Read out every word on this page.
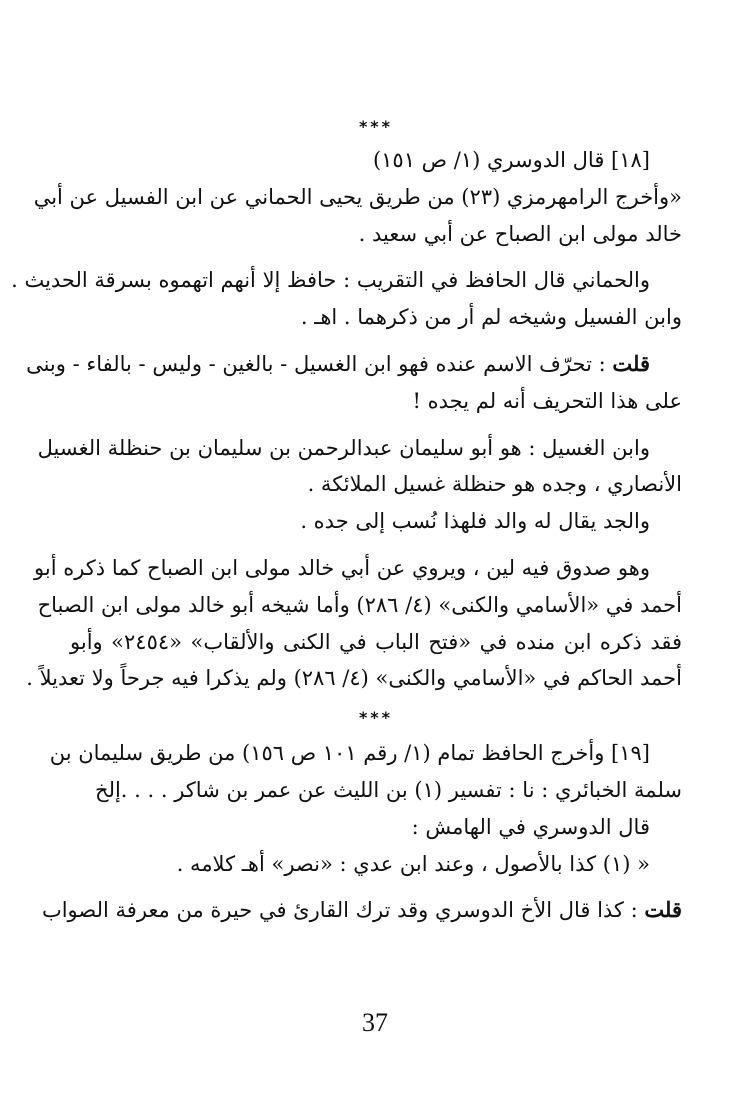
***
[١٨] قال الدوسري (١/ ص ١٥١)
«وأخرج الرامهرمزي (٢٣) من طريق يحيى الحماني عن ابن الفسيل عن أبي
خالد مولى ابن الصباح عن أبي سعيد .
والحماني قال الحافظ في التقريب : حافظ إلا أنهم اتهموه بسرقة الحديث .
وابن الفسيل وشيخه لم أر من ذكرهما . اهـ .
قلت : تحرّف الاسم عنده فهو ابن الغسيل - بالغين - وليس - بالفاء - وبنى
على هذا التحريف أنه لم يجده !
وابن الغسيل : هو أبو سليمان عبدالرحمن بن سليمان بن حنظلة الغسيل
الأنصاري ، وجده هو حنظلة غسيل الملائكة .
والجد يقال له والد فلهذا نُسب إلى جده .
وهو صدوق فيه لين ، ويروي عن أبي خالد مولى ابن الصباح كما ذكره أبو
أحمد في «الأسامي والكنى» (٤/ ٢٨٦) وأما شيخه أبو خالد مولى ابن الصباح
فقد ذكره ابن منده في «فتح الباب في الكنى والألقاب» «٢٤٥٤» وأبو
أحمد الحاكم في «الأسامي والكنى» (٤/ ٢٨٦) ولم يذكرا فيه جرحاً ولا تعديلاً .
***
[١٩] وأخرج الحافظ تمام (١/ رقم ١٠١ ص ١٥٦) من طريق سليمان بن
سلمة الخبائري : نا : تفسير (١) بن الليث عن عمر بن شاكر . . . .إلخ
قال الدوسري في الهامش :
« (١) كذا بالأصول ، وعند ابن عدي : «نصر» أهـ كلامه .
قلت : كذا قال الأخ الدوسري وقد ترك القارئ في حيرة من معرفة الصواب
37
